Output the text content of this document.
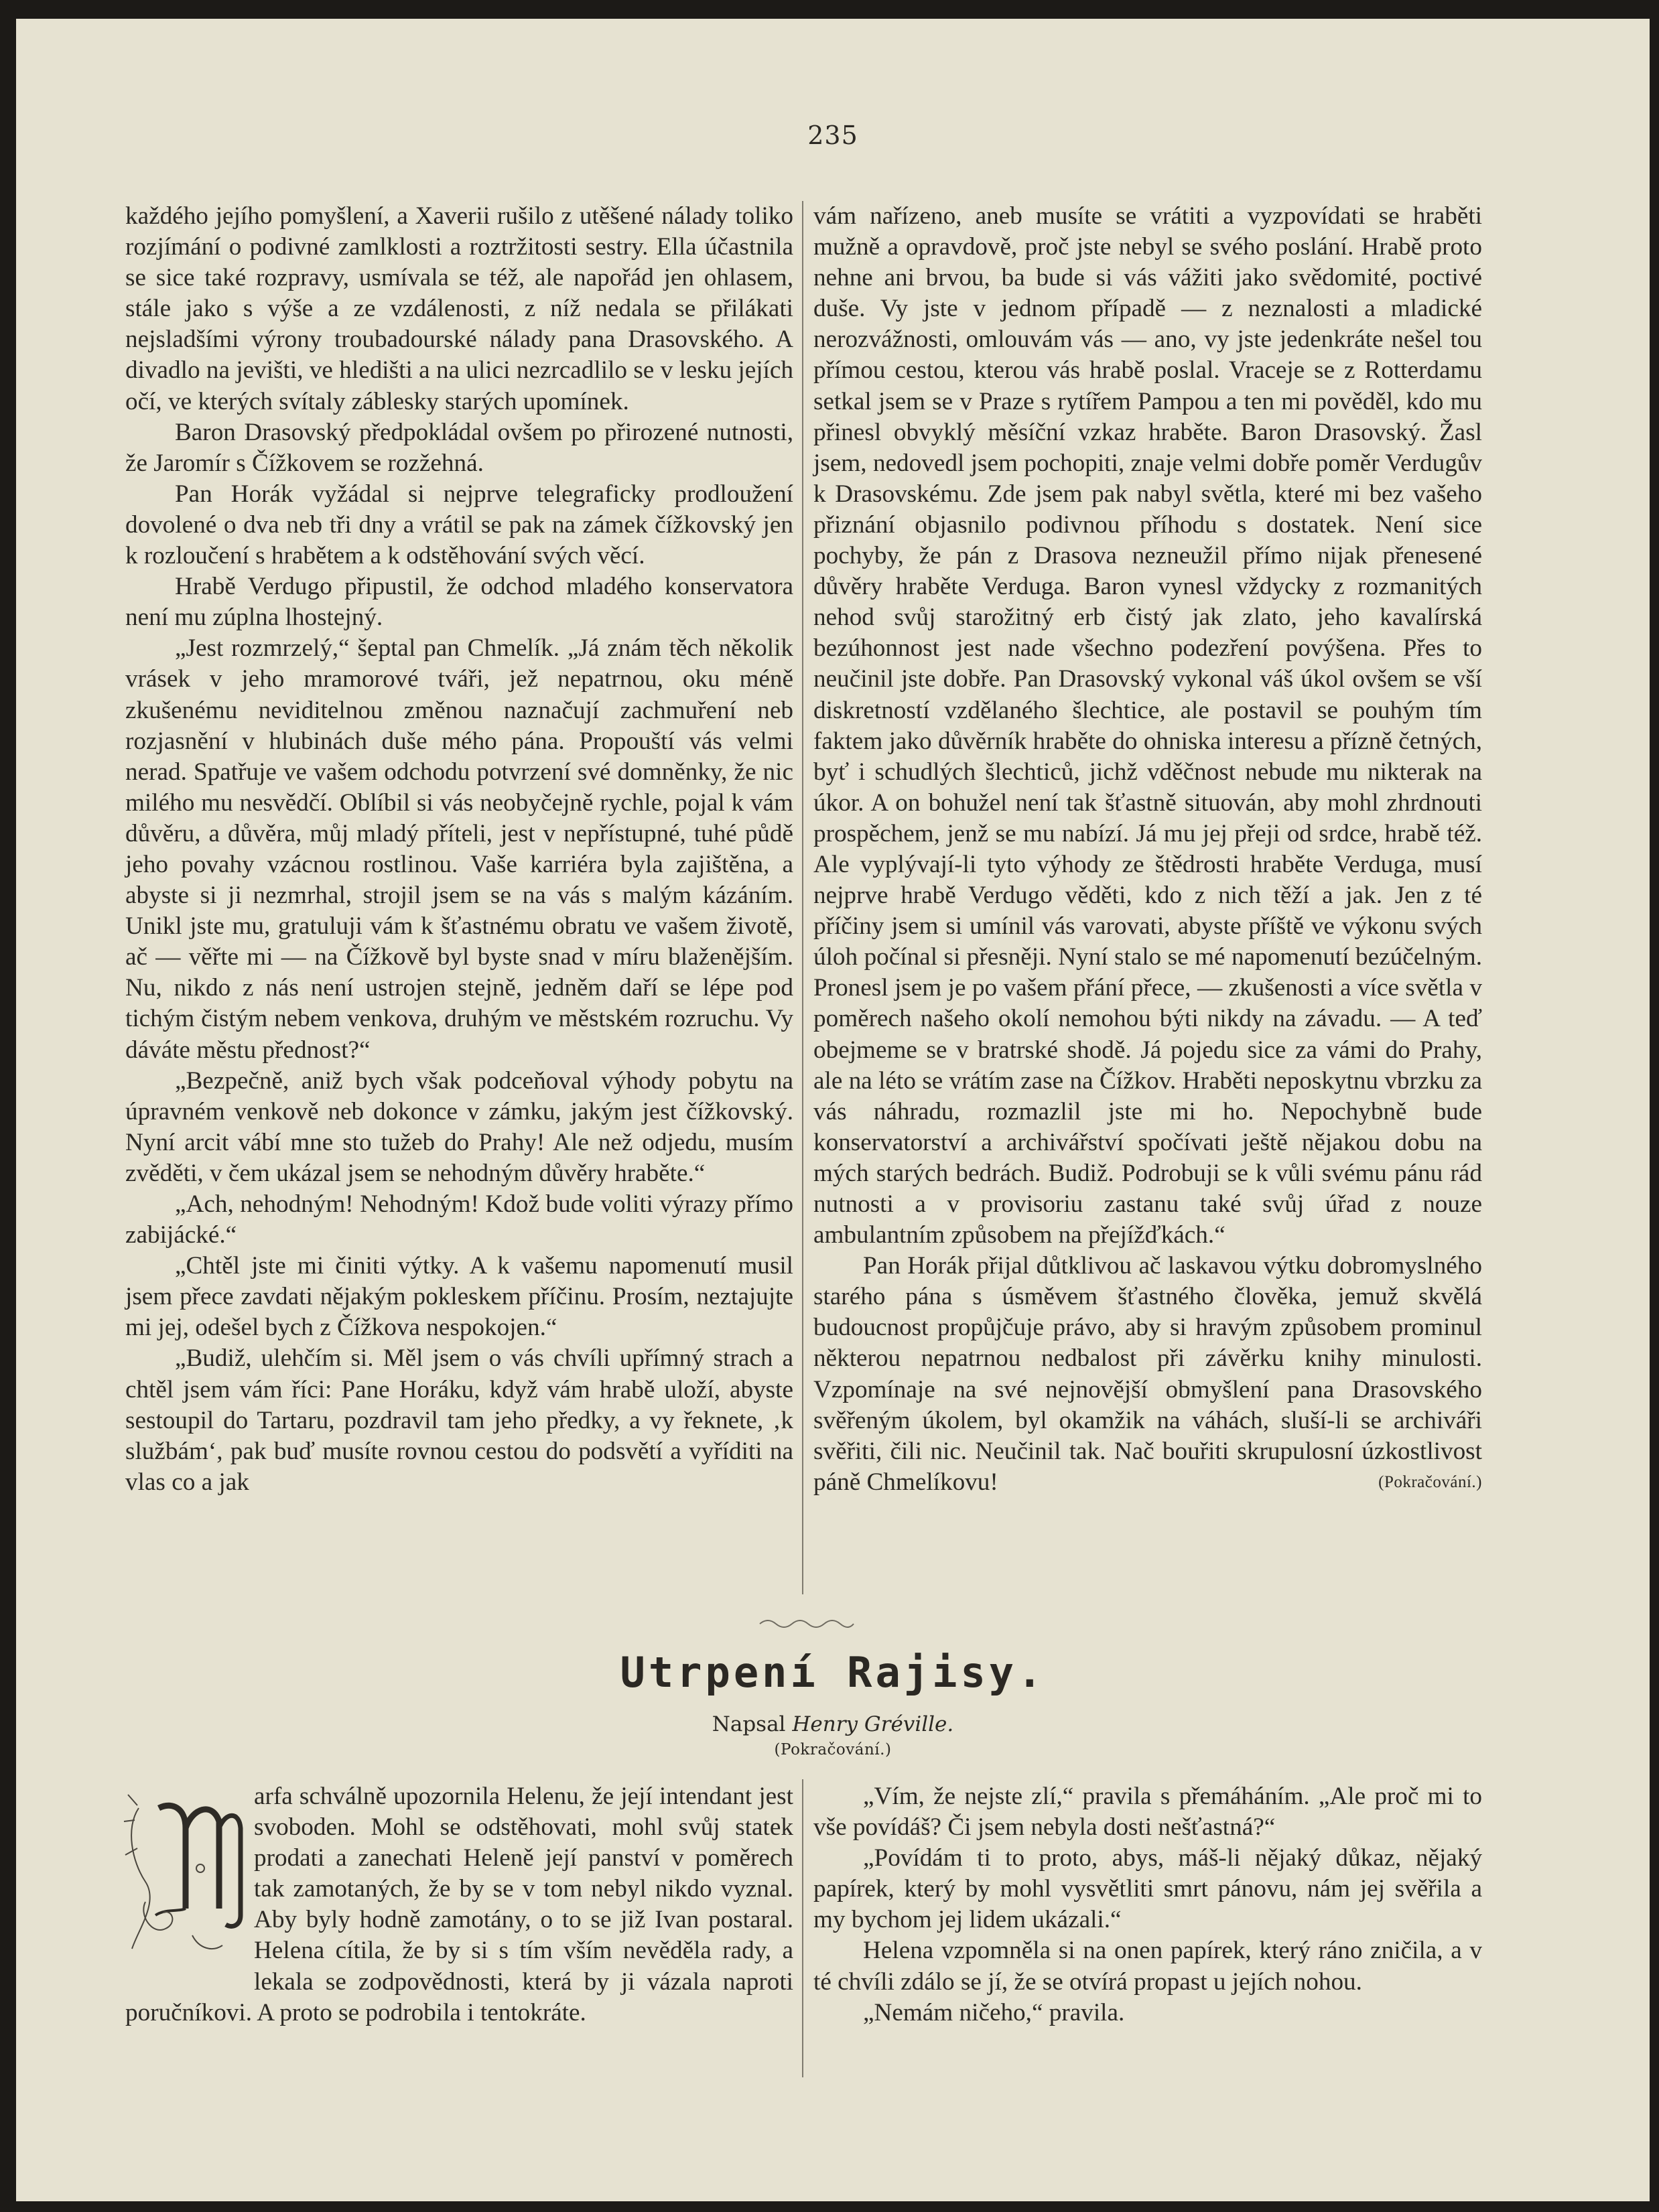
235

každého jejího pomyšlení, a Xaverii rušilo z utěšené nálady toliko rozjímání o podivné zamlklosti a roztržitosti sestry. Ella účastnila se sice také rozpravy, usmívala se též, ale napořád jen ohlasem, stále jako s výše a ze vzdálenosti, z níž nedala se přilákati nejsladšími výrony troubadourské nálady pana Drasovského. A divadlo na jevišti, ve hledišti a na ulici nezrcadlilo se v lesku jejích očí, ve kterých svítaly záblesky starých upomínek.

Baron Drasovský předpokládal ovšem po přirozené nutnosti, že Jaromír s Čížkovem se rozžehná.

Pan Horák vyžádal si nejprve telegraficky prodloužení dovolené o dva neb tři dny a vrátil se pak na zámek čížkovský jen k rozloučení s hrabětem a k odstěhování svých věcí.

Hrabě Verdugo připustil, že odchod mladého konservatora není mu zúplna lhostejný.

„Jest rozmrzelý,“ šeptal pan Chmelík. „Já znám těch několik vrásek v jeho mramorové tváři, jež nepatrnou, oku méně zkušenému neviditelnou změnou naznačují zachmuření neb rozjasnění v hlubinách duše mého pána. Propouští vás velmi nerad. Spatřuje ve vašem odchodu potvrzení své domněnky, že nic milého mu nesvědčí. Oblíbil si vás neobyčejně rychle, pojal k vám důvěru, a důvěra, můj mladý příteli, jest v nepřístupné, tuhé půdě jeho povahy vzácnou rostlinou. Vaše karriéra byla zajištěna, a abyste si ji nezmrhal, strojil jsem se na vás s malým kázáním. Unikl jste mu, gratuluji vám k šťastnému obratu ve vašem životě, ač — věřte mi — na Čížkově byl byste snad v míru blaženějším. Nu, nikdo z nás není ustrojen stejně, jedněm daří se lépe pod tichým čistým nebem venkova, druhým ve městském rozruchu. Vy dáváte městu přednost?“

„Bezpečně, aniž bych však podceňoval výhody pobytu na úpravném venkově neb dokonce v zámku, jakým jest čížkovský. Nyní arcit vábí mne sto tužeb do Prahy! Ale než odjedu, musím zvěděti, v čem ukázal jsem se nehodným důvěry hraběte.“

„Ach, nehodným! Nehodným! Kdož bude voliti výrazy přímo zabijácké.“

„Chtěl jste mi činiti výtky. A k vašemu napomenutí musil jsem přece zavdati nějakým pokleskem příčinu. Prosím, neztajujte mi jej, odešel bych z Čížkova nespokojen.“

„Budiž, ulehčím si. Měl jsem o vás chvíli upřímný strach a chtěl jsem vám říci: Pane Horáku, když vám hrabě uloží, abyste sestoupil do Tartaru, pozdravil tam jeho předky, a vy řeknete, ‚k službám‘, pak buď musíte rovnou cestou do podsvětí a vyříditi na vlas co a jak

vám nařízeno, aneb musíte se vrátiti a vyzpovídati se hraběti mužně a opravdově, proč jste nebyl se svého poslání. Hrabě proto nehne ani brvou, ba bude si vás vážiti jako svědomité, poctivé duše. Vy jste v jednom případě — z neznalosti a mladické nerozvážnosti, omlouvám vás — ano, vy jste jedenkráte nešel tou přímou cestou, kterou vás hrabě poslal. Vraceje se z Rotterdamu setkal jsem se v Praze s rytířem Pampou a ten mi pověděl, kdo mu přinesl obvyklý měsíční vzkaz hraběte. Baron Drasovský. Žasl jsem, nedovedl jsem pochopiti, znaje velmi dobře poměr Verdugův k Drasovskému. Zde jsem pak nabyl světla, které mi bez vašeho přiznání objasnilo podivnou příhodu s dostatek. Není sice pochyby, že pán z Drasova nezneužil přímo nijak přenesené důvěry hraběte Verduga. Baron vynesl vždycky z rozmanitých nehod svůj starožitný erb čistý jak zlato, jeho kavalírská bezúhonnost jest nade všechno podezření povýšena. Přes to neučinil jste dobře. Pan Drasovský vykonal váš úkol ovšem se vší diskretností vzdělaného šlechtice, ale postavil se pouhým tím faktem jako důvěrník hraběte do ohniska interesu a přízně četných, byť i schudlých šlechticů, jichž vděčnost nebude mu nikterak na úkor. A on bohužel není tak šťastně situován, aby mohl zhrdnouti prospěchem, jenž se mu nabízí. Já mu jej přeji od srdce, hrabě též. Ale vyplývají-li tyto výhody ze štědrosti hraběte Verduga, musí nejprve hrabě Verdugo věděti, kdo z nich těží a jak. Jen z té příčiny jsem si umínil vás varovati, abyste příště ve výkonu svých úloh počínal si přesněji. Nyní stalo se mé napomenutí bezúčelným. Pronesl jsem je po vašem přání přece, — zkušenosti a více světla v poměrech našeho okolí nemohou býti nikdy na závadu. — A teď obejmeme se v bratrské shodě. Já pojedu sice za vámi do Prahy, ale na léto se vrátím zase na Čížkov. Hraběti neposkytnu vbrzku za vás náhradu, rozmazlil jste mi ho. Nepochybně bude konservatorství a archivářství spočívati ještě nějakou dobu na mých starých bedrách. Budiž. Podrobuji se k vůli svému pánu rád nutnosti a v provisoriu zastanu také svůj úřad z nouze ambulantním způsobem na přejížďkách.“

Pan Horák přijal důtklivou ač laskavou výtku dobromyslného starého pána s úsměvem šťastného člověka, jemuž skvělá budoucnost propůjčuje právo, aby si hravým způsobem prominul některou nepatrnou nedbalost při závěrku knihy minulosti. Vzpomínaje na své nejnovější obmyšlení pana Drasovského svěřeným úkolem, byl okamžik na váhách, sluší-li se archiváři svěřiti, čili nic. Neučinil tak. Nač bouřiti skrupulosní úzkostlivost páně Chmelíkovu!	(Pokračování.)

Utrpení Rajisy.
Napsal Henry Gréville.
(Pokračování.)

arfa schválně upozornila Helenu, že její intendant jest svoboden. Mohl se odstěhovati, mohl svůj statek prodati a zanechati Heleně její panství v poměrech tak zamotaných, že by se v tom nebyl nikdo vyznal. Aby byly hodně zamotány, o to se již Ivan postaral. Helena cítila, že by si s tím vším nevěděla rady, a lekala se zodpovědnosti, která by ji vázala naproti poručníkovi. A proto se podrobila i tentokráte.

„Vím, že nejste zlí,“ pravila s přemáháním. „Ale proč mi to vše povídáš? Či jsem nebyla dosti nešťastná?“

„Povídám ti to proto, abys, máš-li nějaký důkaz, nějaký papírek, který by mohl vysvětliti smrt pánovu, nám jej svěřila a my bychom jej lidem ukázali.“

Helena vzpomněla si na onen papírek, který ráno zničila, a v té chvíli zdálo se jí, že se otvírá propast u jejích nohou.

„Nemám ničeho,“ pravila.
